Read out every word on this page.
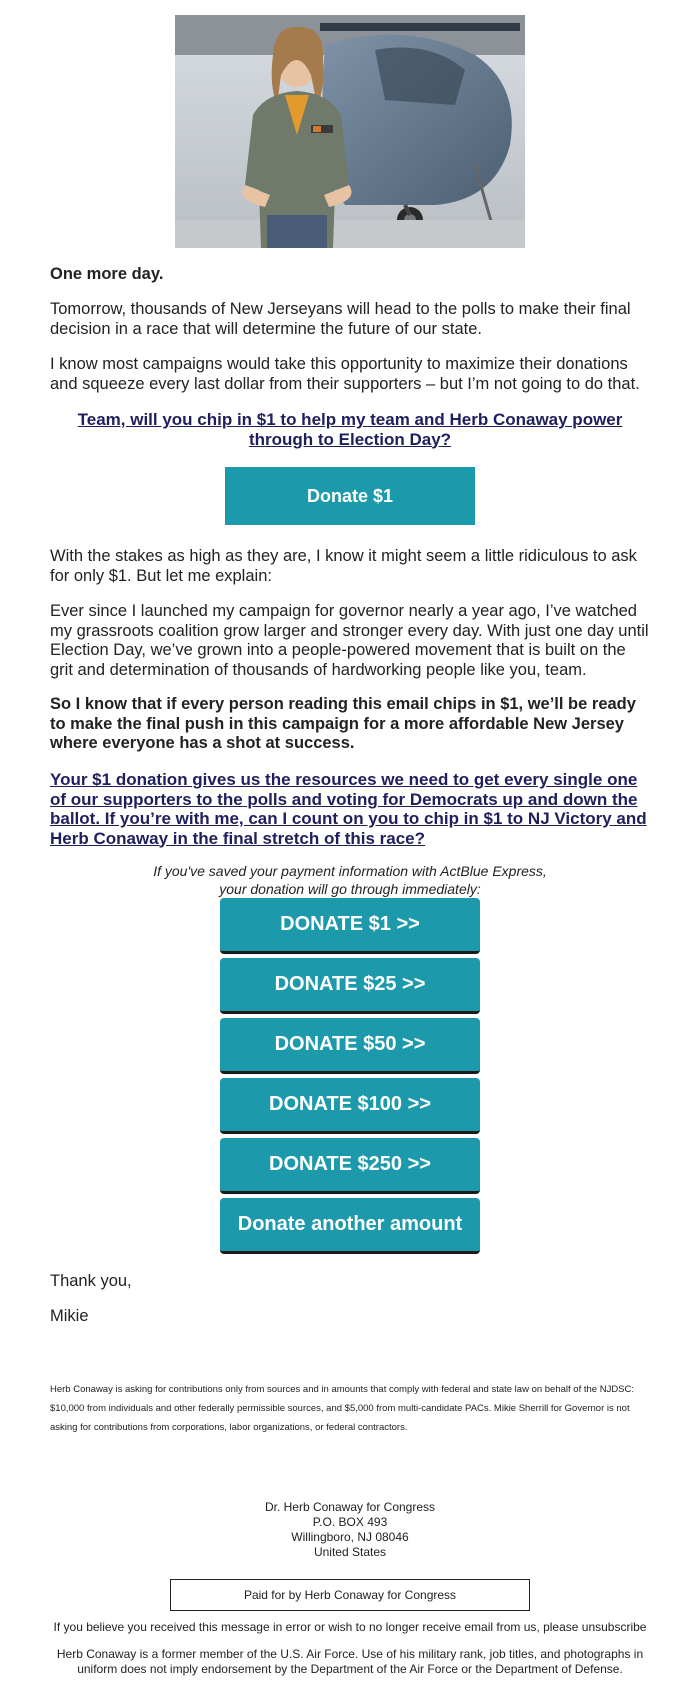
One more day.

Tomorrow, thousands of New Jerseyans will head to the polls to make their final decision in a race that will determine the future of our state.

I know most campaigns would take this opportunity to maximize their donations and squeeze every last dollar from their supporters – but I’m not going to do that.

Team, will you chip in $1 to help my team and Herb Conaway power through to Election Day?
Donate $1

With the stakes as high as they are, I know it might seem a little ridiculous to ask for only $1. But let me explain:

Ever since I launched my campaign for governor nearly a year ago, I’ve watched my grassroots coalition grow larger and stronger every day. With just one day until Election Day, we’ve grown into a people-powered movement that is built on the grit and determination of thousands of hardworking people like you, team.

So I know that if every person reading this email chips in $1, we’ll be ready to make the final push in this campaign for a more affordable New Jersey where everyone has a shot at success.

Your $1 donation gives us the resources we need to get every single one of our supporters to the polls and voting for Democrats up and down the ballot. If you’re with me, can I count on you to chip in $1 to NJ Victory and Herb Conaway in the final stretch of this race?
If you've saved your payment information with ActBlue Express, your donation will go through immediately:
DONATE $1 >>
DONATE $25 >>
DONATE $50 >>
DONATE $100 >>
DONATE $250 >>
Donate another amount

Thank you,

Mikie

Herb Conaway is asking for contributions only from sources and in amounts that comply with federal and state law on behalf of the NJDSC: $10,000 from individuals and other federally permissible sources, and $5,000 from multi-candidate PACs. Mikie Sherrill for Governor is not asking for contributions from corporations, labor organizations, or federal contractors.
Dr. Herb Conaway for Congress
P.O. BOX 493
Willingboro, NJ 08046
United States
Paid for by Herb Conaway for Congress
If you believe you received this message in error or wish to no longer receive email from us, please unsubscribe
Herb Conaway is a former member of the U.S. Air Force. Use of his military rank, job titles, and photographs in uniform does not imply endorsement by the Department of the Air Force or the Department of Defense.
